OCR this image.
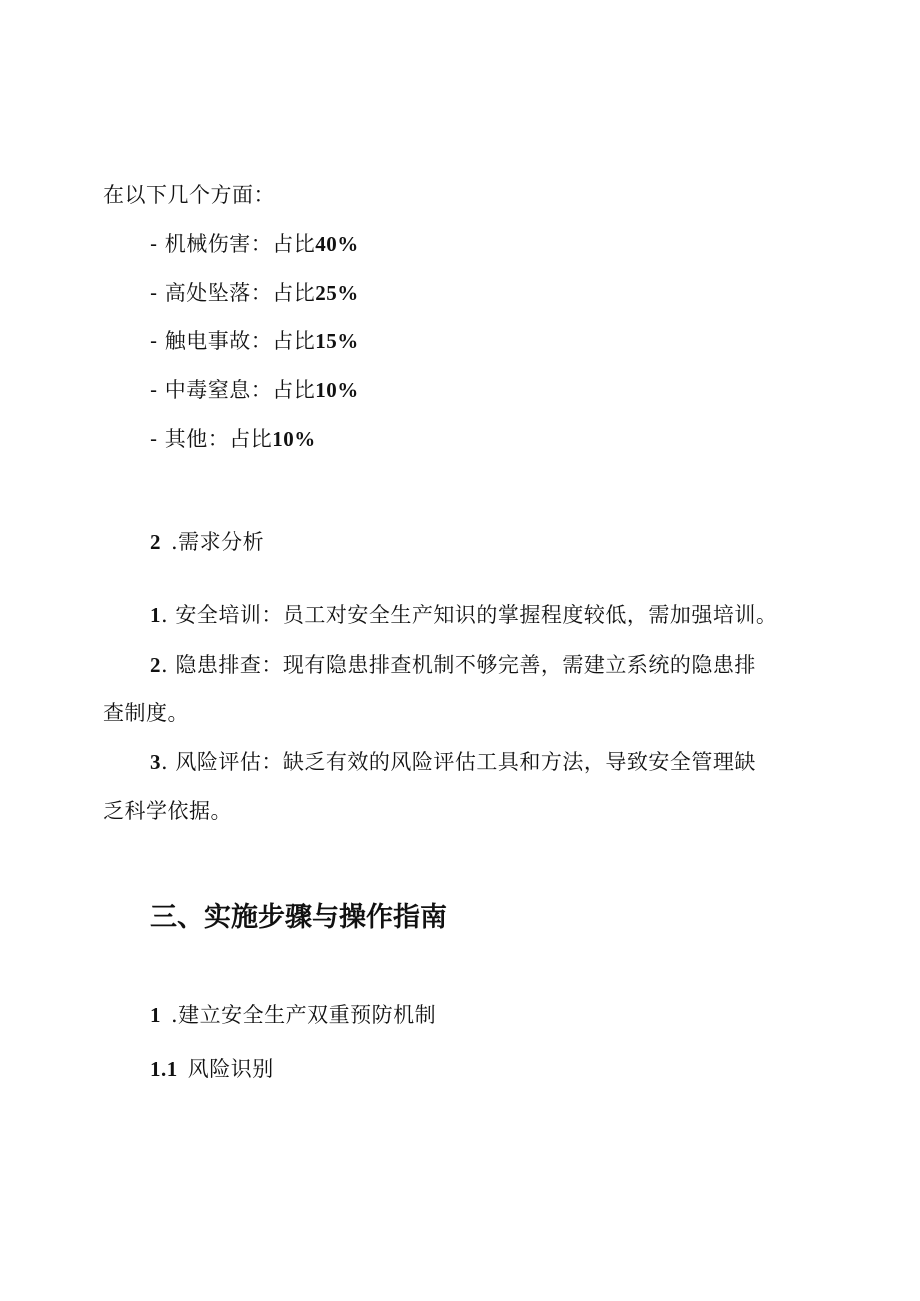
在以下几个方面：
- 机械伤害：占比40%
- 高处坠落：占比25%
- 触电事故：占比15%
- 中毒窒息：占比10%
- 其他：占比10%
2 .需求分析
1. 安全培训：员工对安全生产知识的掌握程度较低，需加强培训。
2. 隐患排查：现有隐患排查机制不够完善，需建立系统的隐患排
查制度。
3. 风险评估：缺乏有效的风险评估工具和方法，导致安全管理缺
乏科学依据。
三、实施步骤与操作指南
1 .建立安全生产双重预防机制
1.1 风险识别
